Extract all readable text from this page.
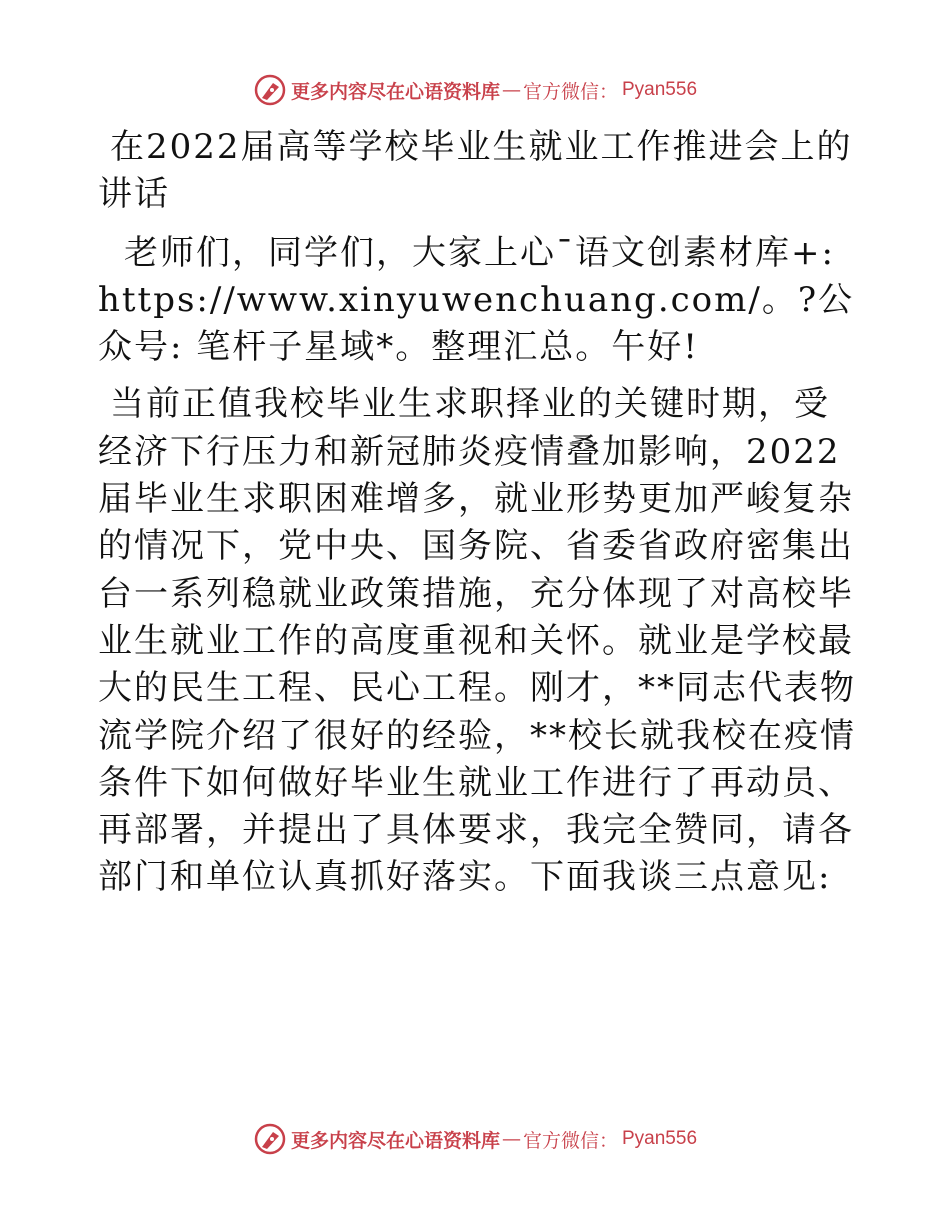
更多内容尽在心语资料库 — 官方微信： Pyan556

在2022届高等学校毕业生就业工作推进会上的讲话

老师们，同学们，大家上心¯语文创素材库+: https://www.xinyuwenchuang.com/。?公众号: 笔杆子星域*。整理汇总。午好!

当前正值我校毕业生求职择业的关键时期，受经济下行压力和新冠肺炎疫情叠加影响，2022届毕业生求职困难增多，就业形势更加严峻复杂的情况下，党中央、国务院、省委省政府密集出台一系列稳就业政策措施，充分体现了对高校毕业生就业工作的高度重视和关怀。就业是学校最大的民生工程、民心工程。刚才，**同志代表物流学院介绍了很好的经验，**校长就我校在疫情条件下如何做好毕业生就业工作进行了再动员、再部署，并提出了具体要求，我完全赞同，请各部门和单位认真抓好落实。下面我谈三点意见:

更多内容尽在心语资料库 — 官方微信： Pyan556
